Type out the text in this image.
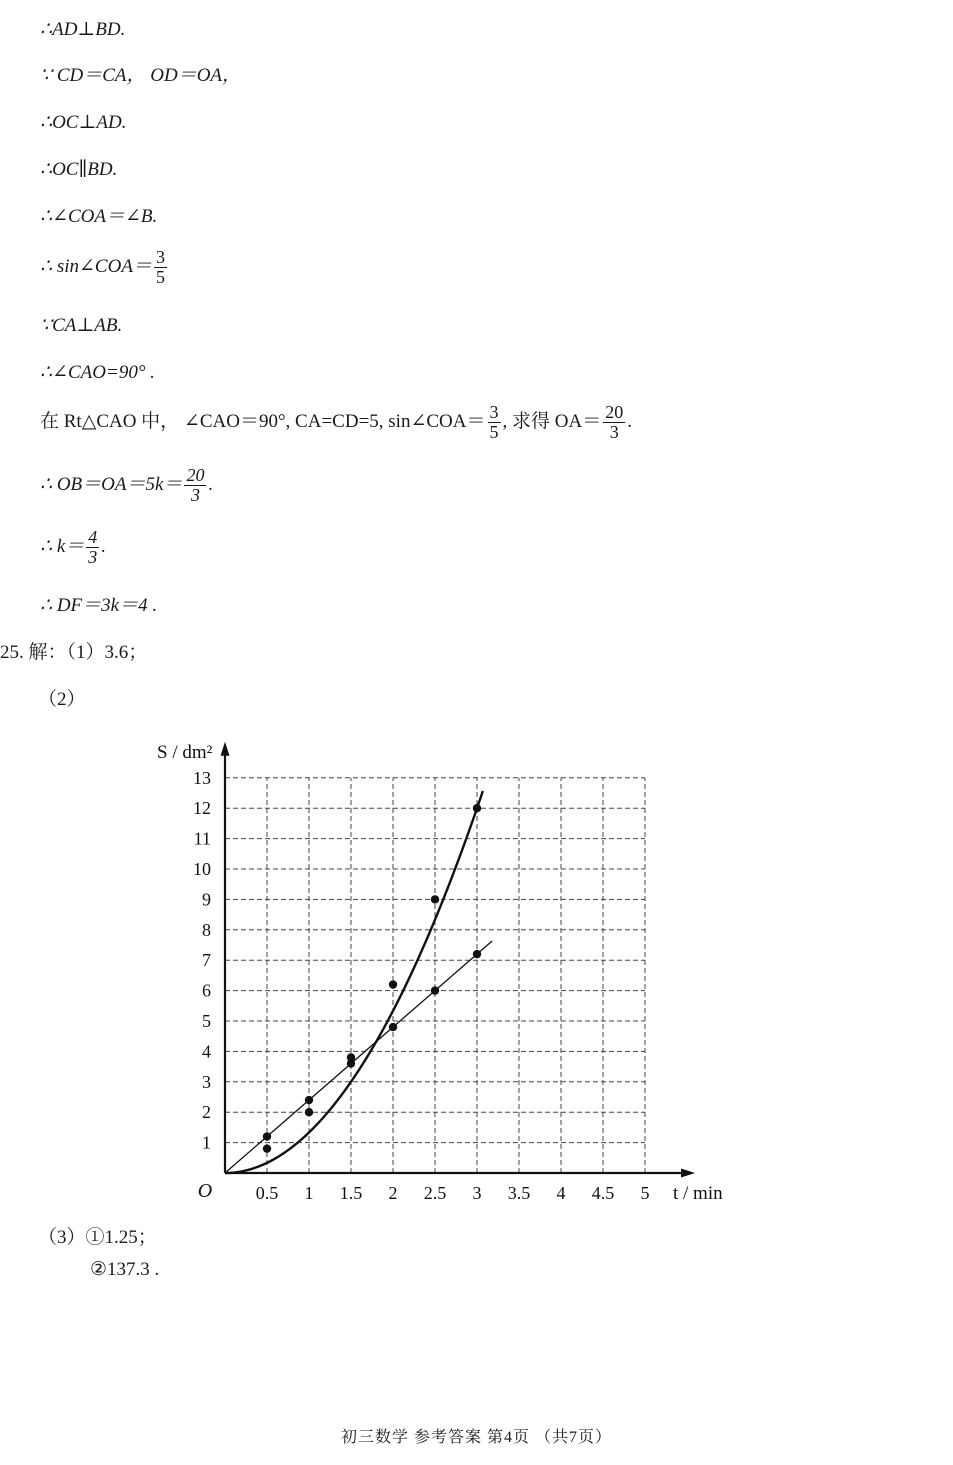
∴AD⊥BD.
∵ CD＝CA， OD＝OA，
∴OC⊥AD.
∴OC∥BD.
∴∠COA＝∠B.
∴ sin∠COA＝ $\frac{3}{5}$
∵CA⊥AB.
∴∠CAO=90° .
在 Rt△CAO 中， ∠CAO＝90°, CA=CD=5, sin∠COA＝ $\frac{3}{5}$ , 求得 $OA= \frac{20}{3}$ .
∴ $OB=OA=5k= \frac{20}{3}$ .
∴ $k= \frac{4}{3}$ .
∴ DF＝3k＝4 .
25. 解：（1）3.6；
（2）
0.5 1 1.5 2 2.5 3 3.5 4 4.5 5
1
2
3
4
5
6
7
8
9
10
11
12
13
O
S / dm²
t / min
（3）①1.25；
②137.3 .
初三数学 参考答案 第4页 （共7页）
